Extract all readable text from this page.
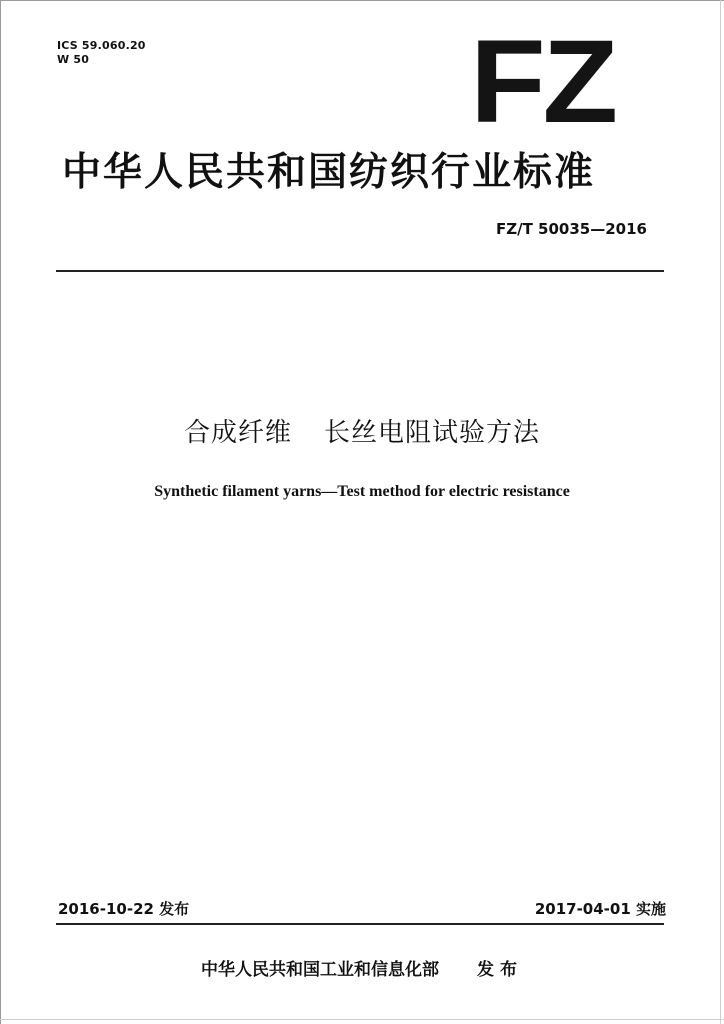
ICS 59.060.20
W 50	FZ
中华人民共和国纺织行业标准
FZ/T 50035—2016
合成纤维 长丝电阻试验方法
Synthetic filament yarns—Test method for electric resistance
2016-10-22 发布	2017-04-01 实施
中华人民共和国工业和信息化部 发布
